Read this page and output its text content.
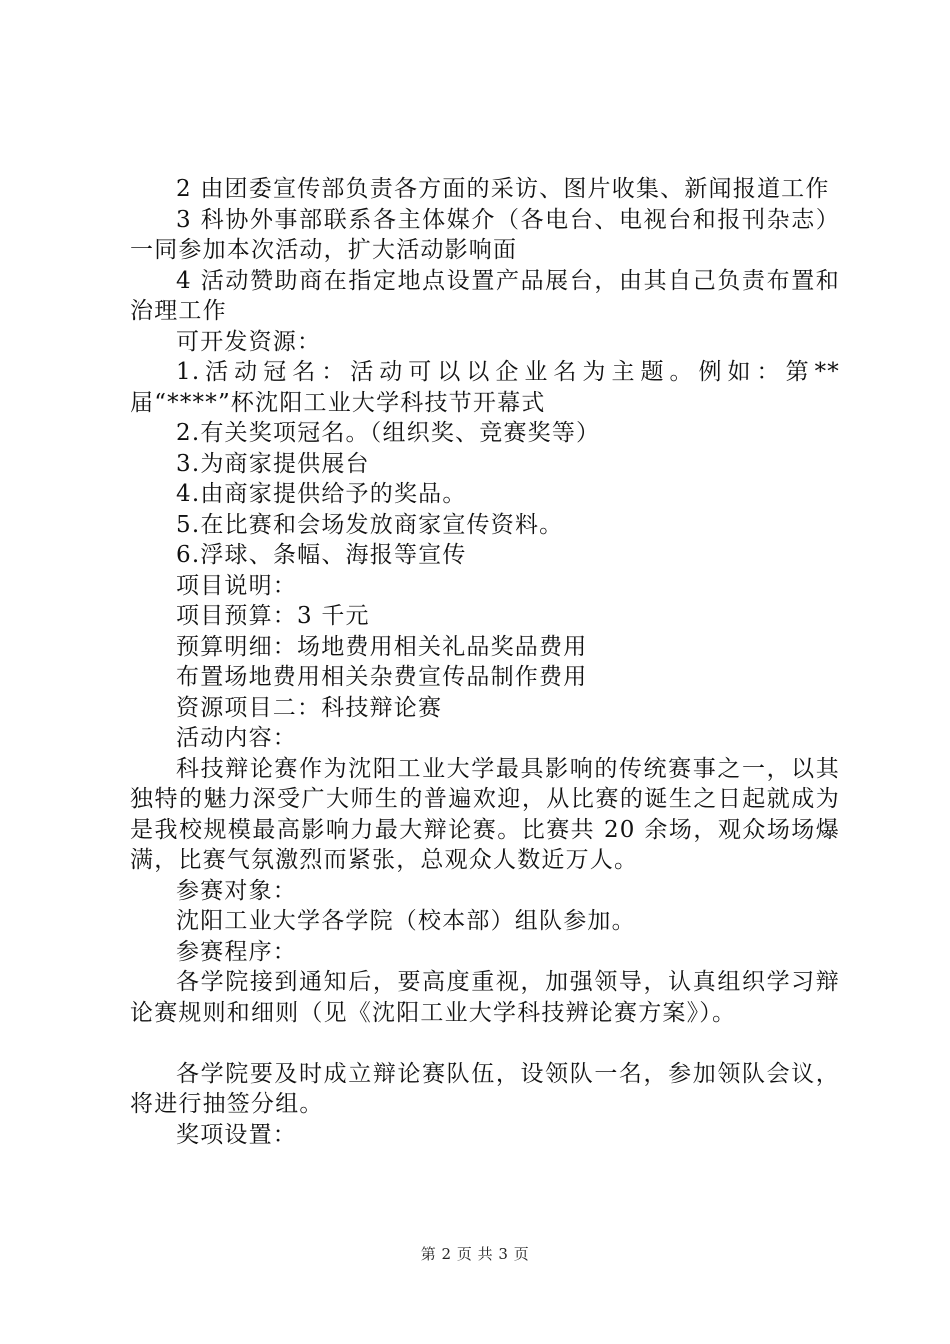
2 由团委宣传部负责各方面的采访、图片收集、新闻报道工作

3 科协外事部联系各主体媒介（各电台、电视台和报刊杂志）一同参加本次活动，扩大活动影响面

4 活动赞助商在指定地点设置产品展台，由其自己负责布置和治理工作

可开发资源：

1.活动冠名：活动可以以企业名为主题。例如：第**届“****”杯沈阳工业大学科技节开幕式

2.有关奖项冠名。（组织奖、竞赛奖等）

3.为商家提供展台

4.由商家提供给予的奖品。

5.在比赛和会场发放商家宣传资料。

6.浮球、条幅、海报等宣传

项目说明：

项目预算：3 千元

预算明细：场地费用相关礼品奖品费用

布置场地费用相关杂费宣传品制作费用

资源项目二：科技辩论赛

活动内容：

科技辩论赛作为沈阳工业大学最具影响的传统赛事之一，以其独特的魅力深受广大师生的普遍欢迎，从比赛的诞生之日起就成为是我校规模最高影响力最大辩论赛。比赛共 20 余场，观众场场爆满，比赛气氛激烈而紧张，总观众人数近万人。

参赛对象：

沈阳工业大学各学院（校本部）组队参加。

参赛程序：

各学院接到通知后，要高度重视，加强领导，认真组织学习辩论赛规则和细则（见《沈阳工业大学科技辨论赛方案》）。

各学院要及时成立辩论赛队伍，设领队一名，参加领队会议，将进行抽签分组。

奖项设置：

第 2 页 共 3 页
